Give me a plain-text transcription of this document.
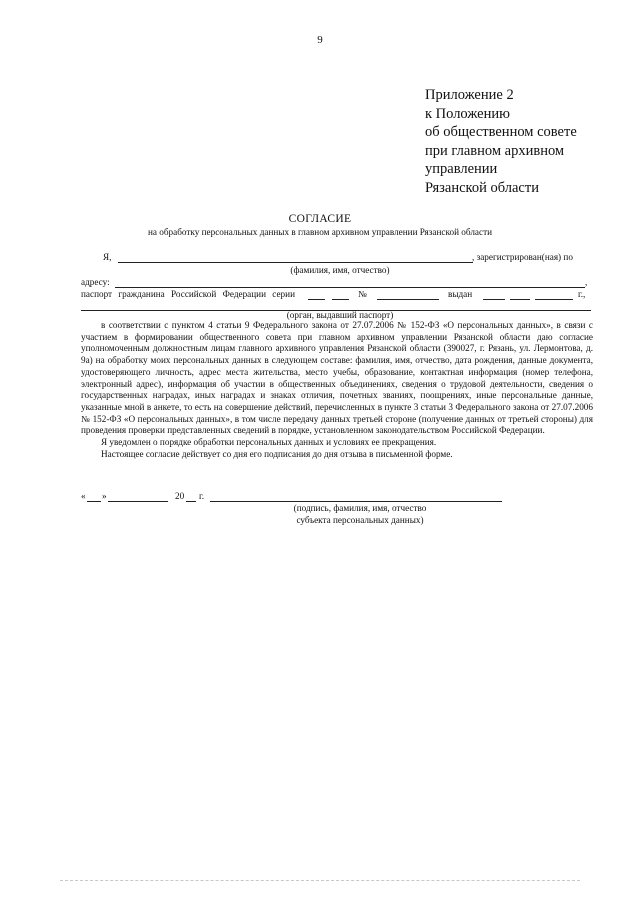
9
Приложение 2
к Положению
об общественном совете
при главном архивном
управлении
Рязанской области
СОГЛАСИЕ
на обработку персональных данных в главном архивном управлении Рязанской области
Я,	, зарегистрирован(ная) по
(фамилия, имя, отчество)
адресу:	,
паспорт гражданина Российской Федерации серии	№	выдан	г.,
(орган, выдавший паспорт)

в соответствии с пунктом 4 статьи 9 Федерального закона от 27.07.2006 № 152-ФЗ «О персональных данных», в связи с участием в формировании общественного совета при главном архивном управлении Рязанской области даю согласие уполномоченным должностным лицам главного архивного управления Рязанской области (390027, г. Рязань, ул. Лермонтова, д. 9а) на обработку моих персональных данных в следующем составе: фамилия, имя, отчество, дата рождения, данные документа, удостоверяющего личность, адрес места жительства, место учебы, образование, контактная информация (номер телефона, электронный адрес), информация об участии в общественных объединениях, сведения о трудовой деятельности, сведения о государственных наградах, иных наградах и знаках отличия, почетных званиях, поощрениях, иные персональные данные, указанные мной в анкете, то есть на совершение действий, перечисленных в пункте 3 статьи 3 Федерального закона от 27.07.2006 № 152-ФЗ «О персональных данных», в том числе передачу данных третьей стороне (получение данных от третьей стороны) для проведения проверки представленных сведений в порядке, установленном законодательством Российской Федерации.

Я уведомлен о порядке обработки персональных данных и условиях ее прекращения.

Настоящее согласие действует со дня его подписания до дня отзыва в письменной форме.

« »	20 г.
(подпись, фамилия, имя, отчество
субъекта персональных данных)
